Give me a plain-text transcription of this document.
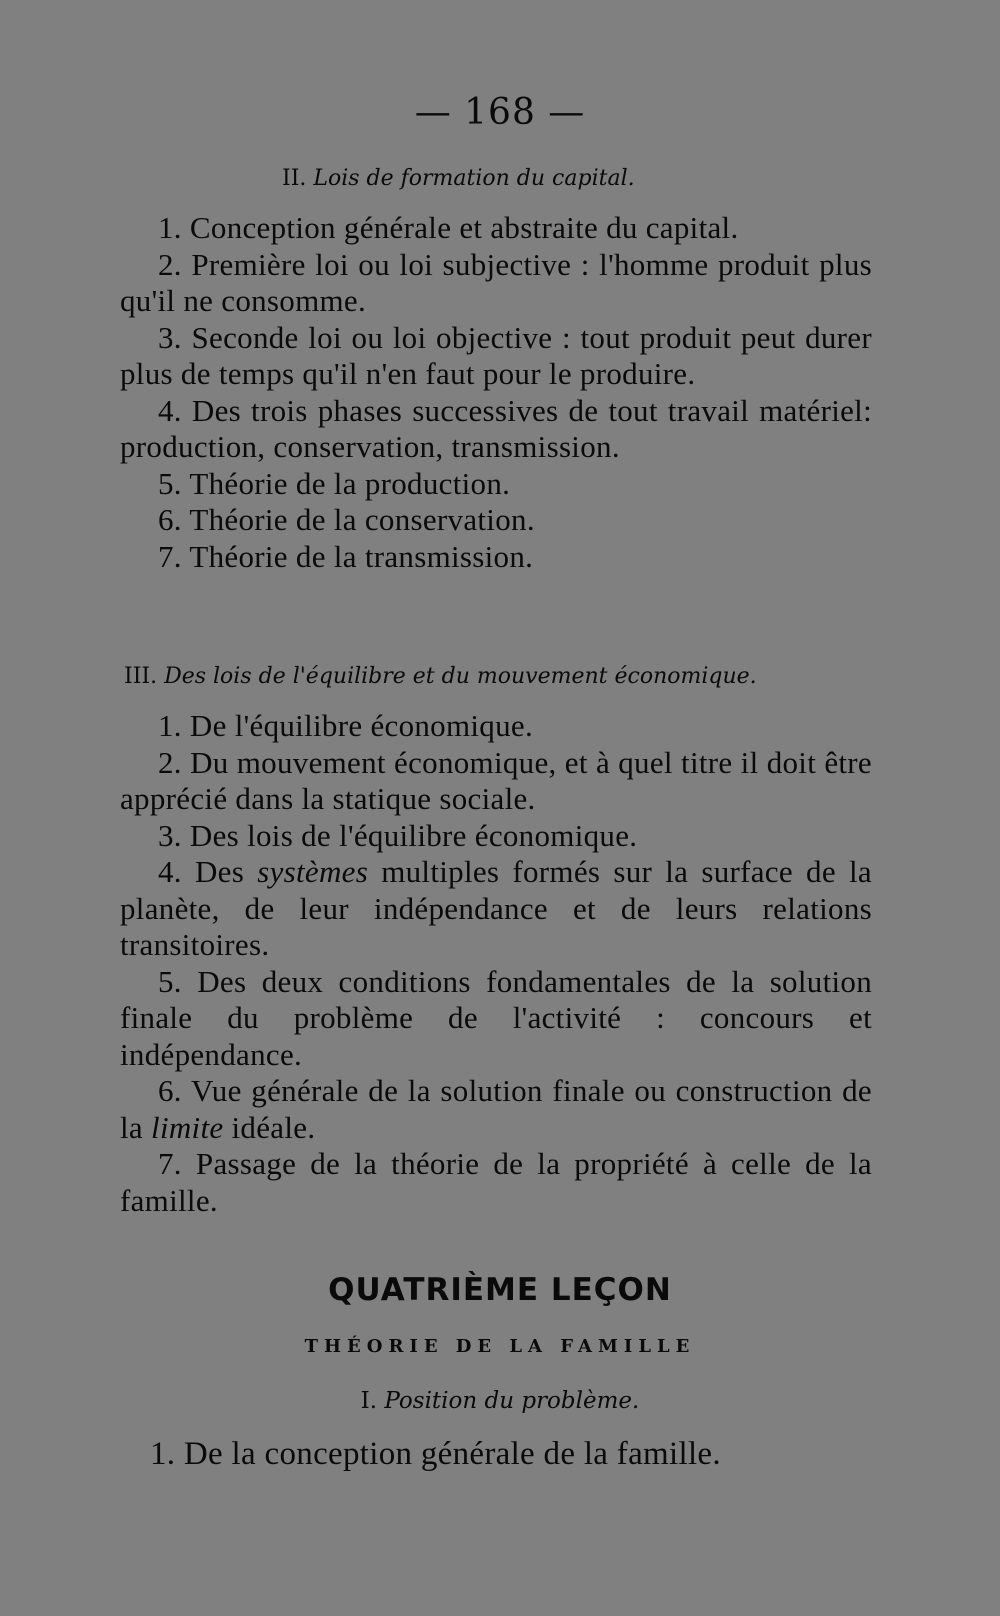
— 168 —
II. Lois de formation du capital.

1. Conception générale et abstraite du capital.

2. Première loi ou loi subjective : l'homme produit plus qu'il ne consomme.

3. Seconde loi ou loi objective : tout produit peut durer plus de temps qu'il n'en faut pour le produire.

4. Des trois phases successives de tout travail matériel: production, conservation, transmission.

5. Théorie de la production.

6. Théorie de la conservation.

7. Théorie de la transmission.

III. Des lois de l'équilibre et du mouvement économique.

1. De l'équilibre économique.

2. Du mouvement économique, et à quel titre il doit être apprécié dans la statique sociale.

3. Des lois de l'équilibre économique.

4. Des systèmes multiples formés sur la surface de la planète, de leur indépendance et de leurs relations transitoires.

5. Des deux conditions fondamentales de la solution finale du problème de l'activité : concours et indépendance.

6. Vue générale de la solution finale ou construction de la limite idéale.

7. Passage de la théorie de la propriété à celle de la famille.

QUATRIÈME LEÇON
THÉORIE DE LA FAMILLE
I. Position du problème.
1. De la conception générale de la famille.
